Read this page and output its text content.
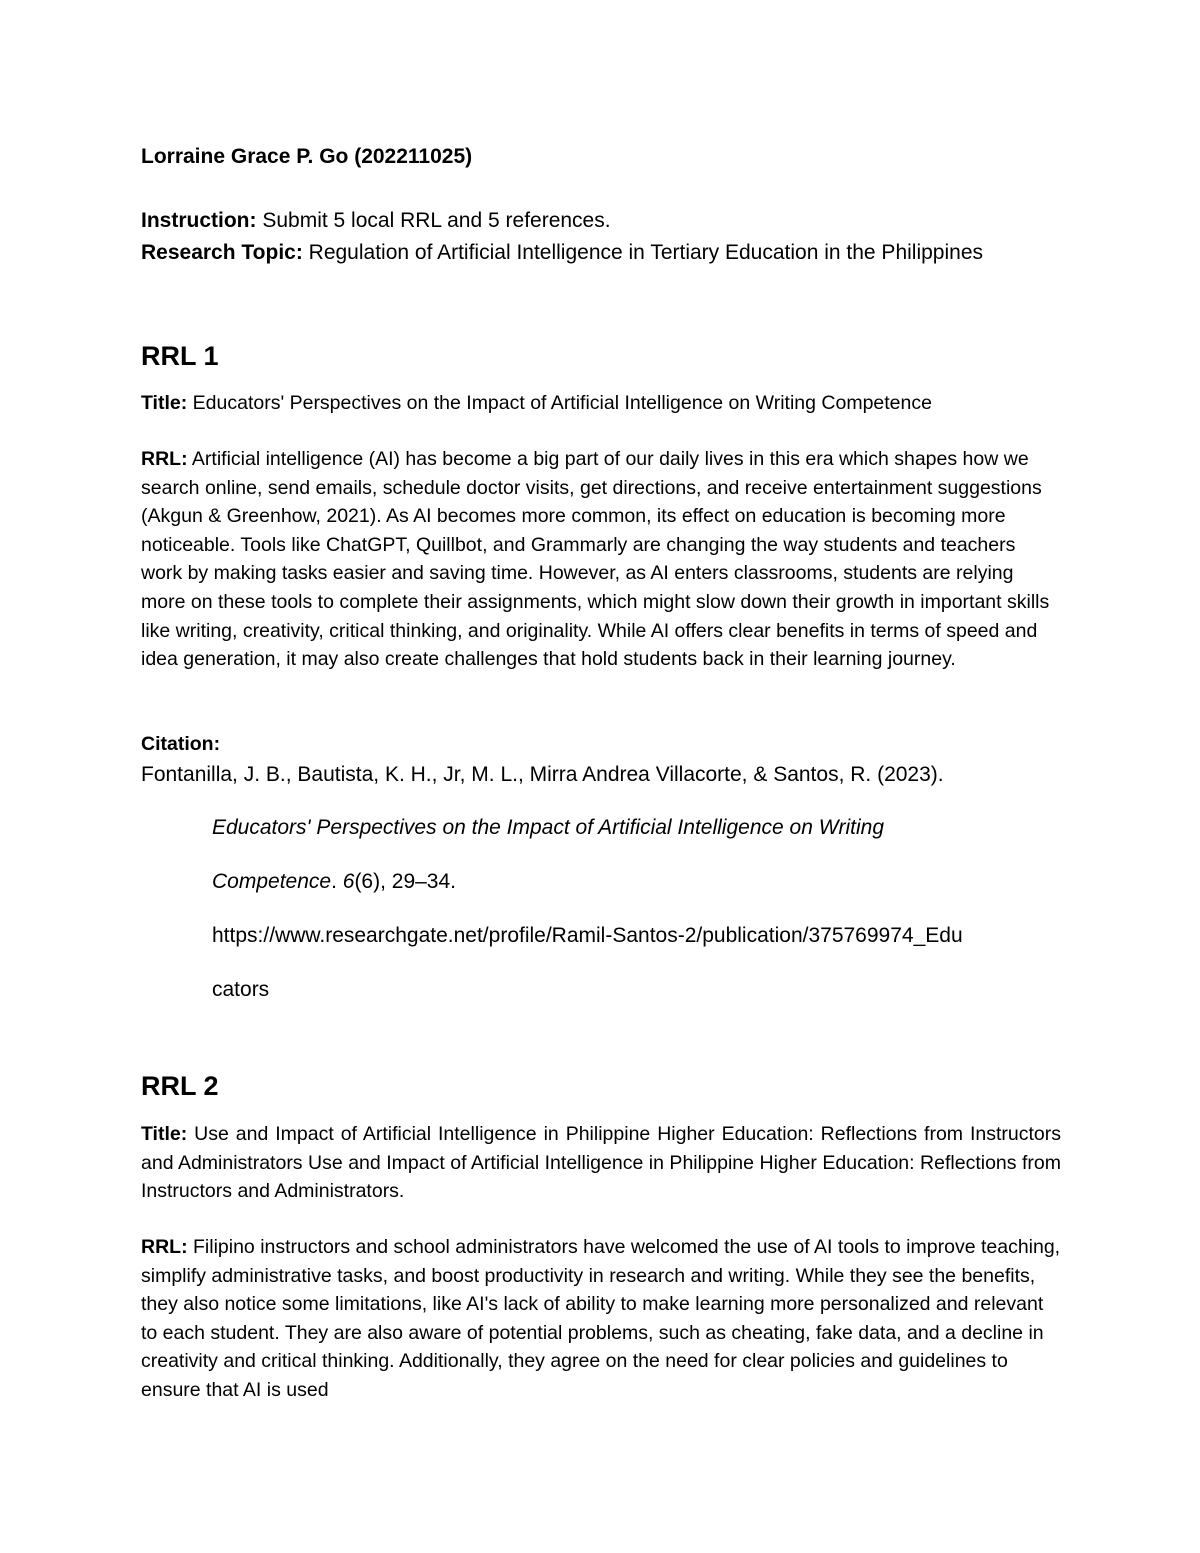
Lorraine Grace P. Go (202211025)

Instruction: Submit 5 local RRL and 5 references.

Research Topic: Regulation of Artificial Intelligence in Tertiary Education in the Philippines

RRL 1

Title: Educators' Perspectives on the Impact of Artificial Intelligence on Writing Competence

RRL: Artificial intelligence (AI) has become a big part of our daily lives in this era which shapes how we search online, send emails, schedule doctor visits, get directions, and receive entertainment suggestions (Akgun & Greenhow, 2021). As AI becomes more common, its effect on education is becoming more noticeable. Tools like ChatGPT, Quillbot, and Grammarly are changing the way students and teachers work by making tasks easier and saving time. However, as AI enters classrooms, students are relying more on these tools to complete their assignments, which might slow down their growth in important skills like writing, creativity, critical thinking, and originality. While AI offers clear benefits in terms of speed and idea generation, it may also create challenges that hold students back in their learning journey.

Citation:

Fontanilla, J. B., Bautista, K. H., Jr, M. L., Mirra Andrea Villacorte, & Santos, R. (2023).

Educators' Perspectives on the Impact of Artificial Intelligence on Writing

Competence. 6(6), 29–34.

https://www.researchgate.net/profile/Ramil-Santos-2/publication/375769974_Edu

cators

RRL 2

Title: Use and Impact of Artificial Intelligence in Philippine Higher Education: Reflections from Instructors and Administrators Use and Impact of Artificial Intelligence in Philippine Higher Education: Reflections from Instructors and Administrators.

RRL: Filipino instructors and school administrators have welcomed the use of AI tools to improve teaching, simplify administrative tasks, and boost productivity in research and writing. While they see the benefits, they also notice some limitations, like AI's lack of ability to make learning more personalized and relevant to each student. They are also aware of potential problems, such as cheating, fake data, and a decline in creativity and critical thinking. Additionally, they agree on the need for clear policies and guidelines to ensure that AI is used
